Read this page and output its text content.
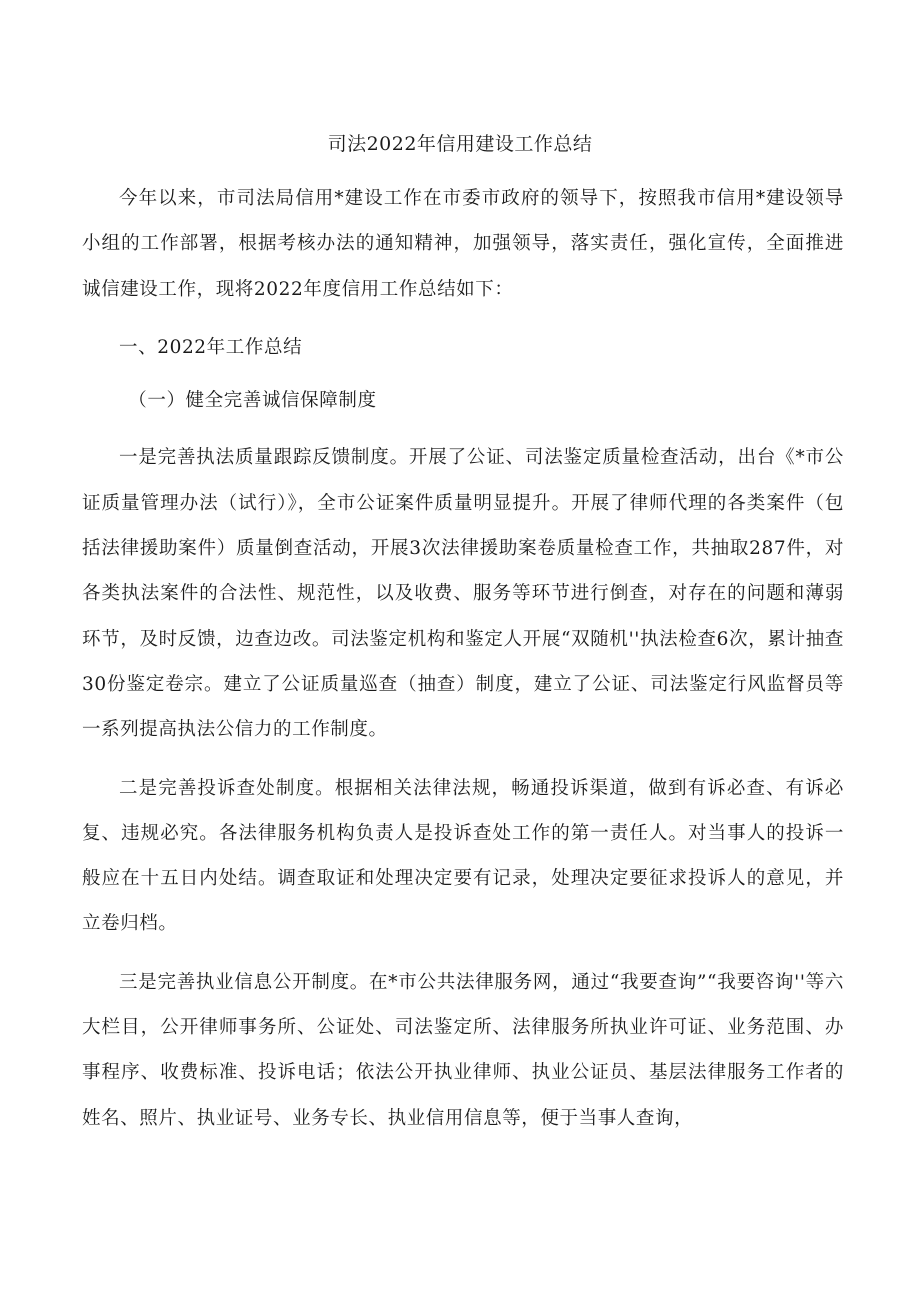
司法2022年信用建设工作总结

今年以来，市司法局信用*建设工作在市委市政府的领导下，按照我市信用*建设领导小组的工作部署，根据考核办法的通知精神，加强领导，落实责任，强化宣传，全面推进诚信建设工作，现将2022年度信用工作总结如下：

一、2022年工作总结

（一）健全完善诚信保障制度

一是完善执法质量跟踪反馈制度。开展了公证、司法鉴定质量检查活动，出台《*市公证质量管理办法（试行）》，全市公证案件质量明显提升。开展了律师代理的各类案件（包括法律援助案件）质量倒查活动，开展3次法律援助案卷质量检查工作，共抽取287件，对各类执法案件的合法性、规范性，以及收费、服务等环节进行倒查，对存在的问题和薄弱环节，及时反馈，边查边改。司法鉴定机构和鉴定人开展“双随机''执法检查6次，累计抽查30份鉴定卷宗。建立了公证质量巡查（抽查）制度，建立了公证、司法鉴定行风监督员等一系列提高执法公信力的工作制度。

二是完善投诉查处制度。根据相关法律法规，畅通投诉渠道，做到有诉必查、有诉必复、违规必究。各法律服务机构负责人是投诉查处工作的第一责任人。对当事人的投诉一般应在十五日内处结。调查取证和处理决定要有记录，处理决定要征求投诉人的意见，并立卷归档。

三是完善执业信息公开制度。在*市公共法律服务网，通过“我要查询”“我要咨询''等六大栏目，公开律师事务所、公证处、司法鉴定所、法律服务所执业许可证、业务范围、办事程序、收费标准、投诉电话；依法公开执业律师、执业公证员、基层法律服务工作者的姓名、照片、执业证号、业务专长、执业信用信息等，便于当事人查询，
